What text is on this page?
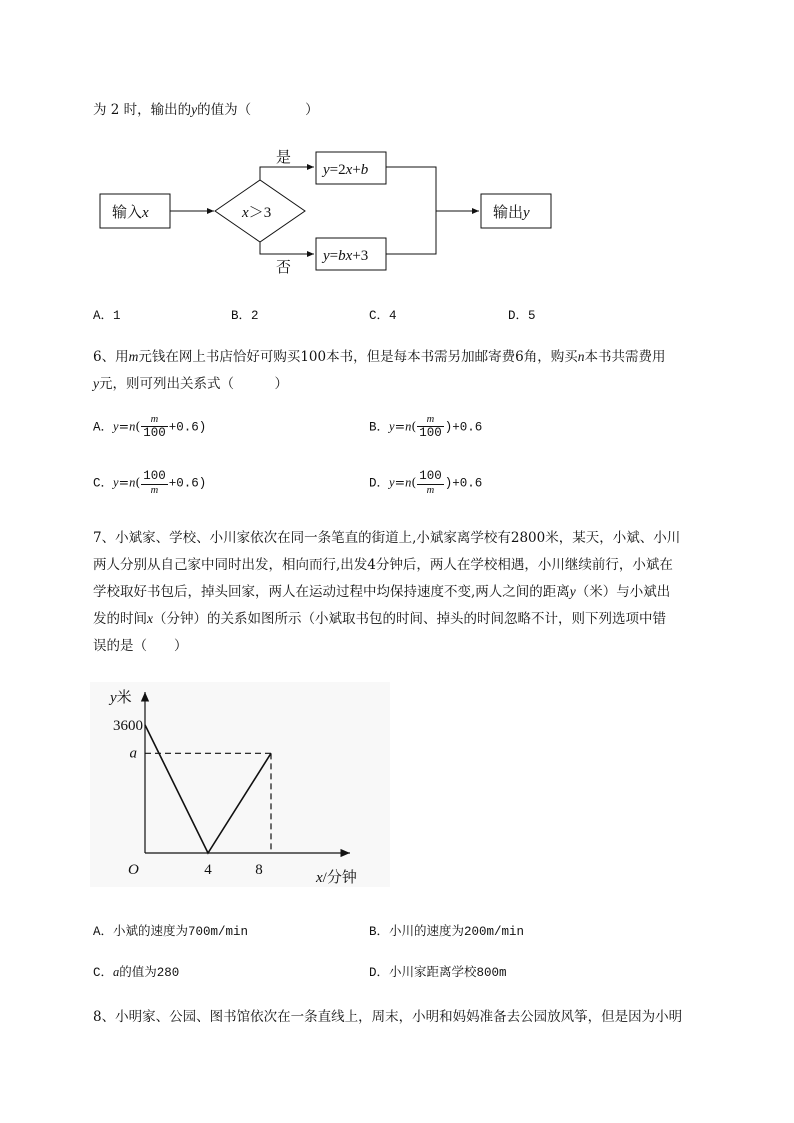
为 2 时，输出的y的值为（　　　　）
输入x	x＞3
是
y=2x+b
否
y=bx+3
输出y
A．1	B．2	C．4	D．5
6、用m元钱在网上书店恰好可购买100本书，但是每本书需另加邮寄费6角，购买n本书共需费用
y元，则可列出关系式（　　　）
A．$y=n( \frac{m}{100} +0.6)$	B．$y=n( \frac{m}{100} )+0.6$
C．$y=n( \frac{100}{m} +0.6)$	D．$y=n( \frac{100}{m} )+0.6$
7、小斌家、学校、小川家依次在同一条笔直的街道上,小斌家离学校有2800米，某天，小斌、小川
两人分别从自己家中同时出发，相向而行,出发4分钟后，两人在学校相遇，小川继续前行，小斌在
学校取好书包后，掉头回家，两人在运动过程中均保持速度不变,两人之间的距离y（米）与小斌出
发的时间x（分钟）的关系如图所示（小斌取书包的时间、掉头的时间忽略不计，则下列选项中错
误的是（　　）
y米
x/分钟
O
3600
a
4	8
A．小斌的速度为700m/min	B．小川的速度为200m/min
C．a的值为280	D．小川家距离学校800m
8、小明家、公园、图书馆依次在一条直线上，周末，小明和妈妈准备去公园放风筝，但是因为小明
